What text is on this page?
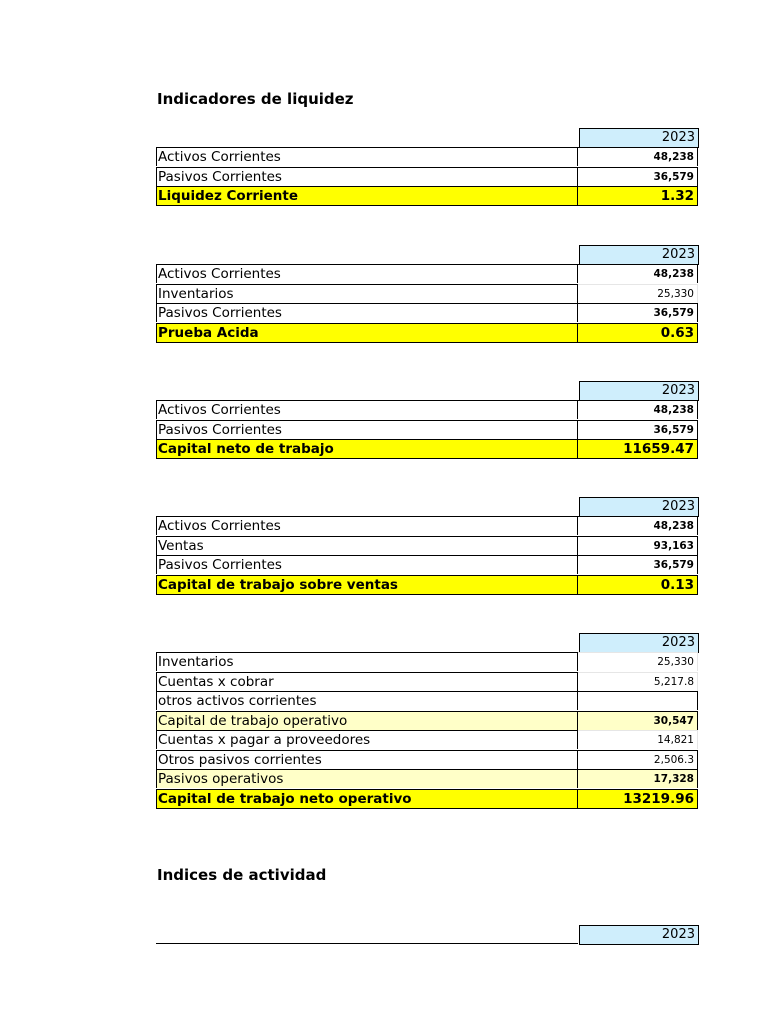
Indicadores de liquidez
2023
Activos Corrientes	48,238
Pasivos Corrientes	36,579
Liquidez Corriente	1.32
2023
Activos Corrientes	48,238
Inventarios	25,330
Pasivos Corrientes	36,579
Prueba Acida	0.63
2023
Activos Corrientes	48,238
Pasivos Corrientes	36,579
Capital neto de trabajo	11659.47
2023
Activos Corrientes	48,238
Ventas	93,163
Pasivos Corrientes	36,579
Capital de trabajo sobre ventas	0.13
2023
Inventarios	25,330
Cuentas x cobrar	5,217.8
otros activos corrientes
Capital de trabajo operativo	30,547
Cuentas x pagar a proveedores	14,821
Otros pasivos corrientes	2,506.3
Pasivos operativos	17,328
Capital de trabajo neto operativo	13219.96
Indices de actividad
2023
